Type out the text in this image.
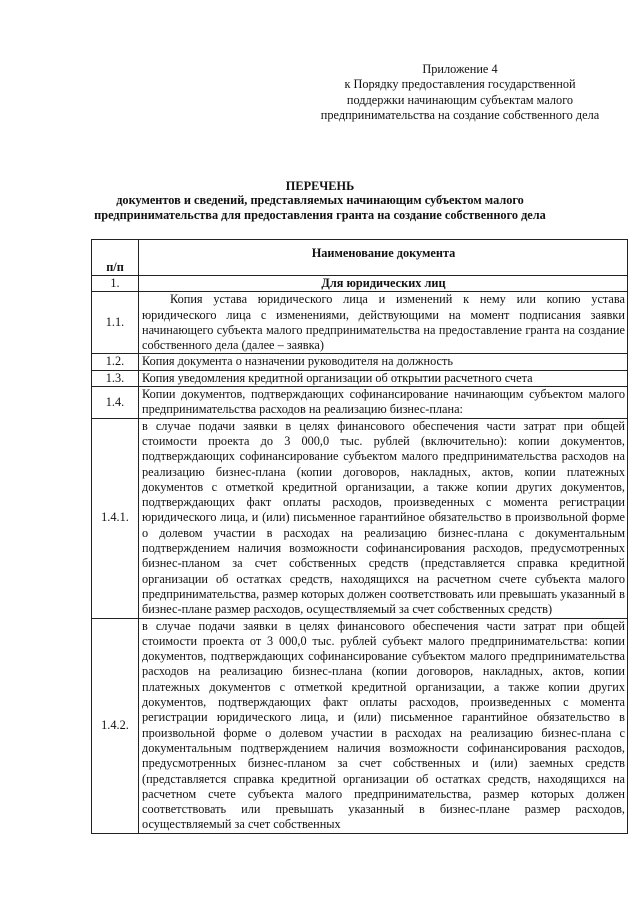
Приложение 4
к Порядку предоставления государственной
поддержки начинающим субъектам малого
предпринимательства на создание собственного дела
ПЕРЕЧЕНЬ
документов и сведений, представляемых начинающим субъектом малого
предпринимательства для предоставления гранта на создание собственного дела
п/п	Наименование документа
1.	Для юридических лиц
1.1.	Копия устава юридического лица и изменений к нему или копию устава юридического лица с изменениями, действующими на момент подписания заявки начинающего субъекта малого предпринимательства на предоставление гранта на создание собственного дела (далее – заявка)
1.2.	Копия документа о назначении руководителя на должность
1.3.	Копия уведомления кредитной организации об открытии расчетного счета
1.4.	Копии документов, подтверждающих софинансирование начинающим субъектом малого предпринимательства расходов на реализацию бизнес-плана:
1.4.1.	в случае подачи заявки в целях финансового обеспечения части затрат при общей стоимости проекта до 3 000,0 тыс. рублей (включительно): копии документов, подтверждающих софинансирование субъектом малого предпринимательства расходов на реализацию бизнес-плана (копии договоров, накладных, актов, копии платежных документов с отметкой кредитной организации, а также копии других документов, подтверждающих факт оплаты расходов, произведенных с момента регистрации юридического лица, и (или) письменное гарантийное обязательство в произвольной форме о долевом участии в расходах на реализацию бизнес-плана с документальным подтверждением наличия возможности софинансирования расходов, предусмотренных бизнес-планом за счет собственных средств (представляется справка кредитной организации об остатках средств, находящихся на расчетном счете субъекта малого предпринимательства, размер которых должен соответствовать или превышать указанный в бизнес-плане размер расходов, осуществляемый за счет собственных средств)
1.4.2.	в случае подачи заявки в целях финансового обеспечения части затрат при общей стоимости проекта от 3 000,0 тыс. рублей субъект малого предпринимательства: копии документов, подтверждающих софинансирование субъектом малого предпринимательства расходов на реализацию бизнес-плана (копии договоров, накладных, актов, копии платежных документов с отметкой кредитной организации, а также копии других документов, подтверждающих факт оплаты расходов, произведенных с момента регистрации юридического лица, и (или) письменное гарантийное обязательство в произвольной форме о долевом участии в расходах на реализацию бизнес-плана с документальным подтверждением наличия возможности софинансирования расходов, предусмотренных бизнес-планом за счет собственных и (или) заемных средств (представляется справка кредитной организации об остатках средств, находящихся на расчетном счете субъекта малого предпринимательства, размер которых должен соответствовать или превышать указанный в бизнес-плане размер расходов, осуществляемый за счет собственных
